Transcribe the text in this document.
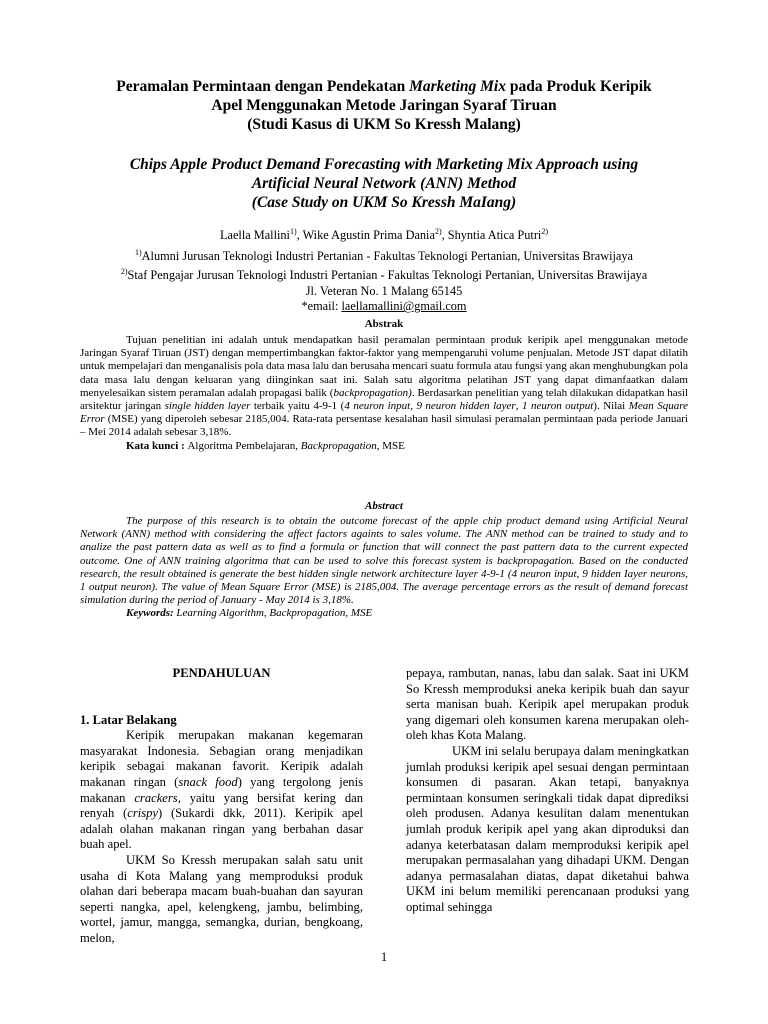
Peramalan Permintaan dengan Pendekatan Marketing Mix pada Produk Keripik
Apel Menggunakan Metode Jaringan Syaraf Tiruan
(Studi Kasus di UKM So Kressh Malang)
Chips Apple Product Demand Forecasting with Marketing Mix Approach using
Artificial Neural Network (ANN) Method
(Case Study on UKM So Kressh MaIang)
Laella Mallini$^{1)}$, Wike Agustin Prima Dania$^{2)}$, Shyntia Atica Putri$^{2)}$
$^{1)}$Alumni Jurusan Teknologi Industri Pertanian - Fakultas Teknologi Pertanian, Universitas Brawijaya
$^{2)}$Staf Pengajar Jurusan Teknologi Industri Pertanian - Fakultas Teknologi Pertanian, Universitas Brawijaya
Jl. Veteran No. 1 Malang 65145
*email: laellamallini@gmail.com
Abstrak

Tujuan penelitian ini adalah untuk mendapatkan hasil peramalan permintaan produk keripik apel menggunakan metode Jaringan Syaraf Tiruan (JST) dengan mempertimbangkan faktor-faktor yang mempengaruhi volume penjualan. Metode JST dapat dilatih untuk mempelajari dan menganalisis pola data masa lalu dan berusaha mencari suatu formula atau fungsi yang akan menghubungkan pola data masa lalu dengan keluaran yang diinginkan saat ini. Salah satu algoritma pelatihan JST yang dapat dimanfaatkan dalam menyelesaikan sistem peramalan adalah propagasi balik (backpropagation). Berdasarkan penelitian yang telah dilakukan didapatkan hasil arsitektur jaringan single hidden layer terbaik yaitu 4-9-1 (4 neuron input, 9 neuron hidden layer, 1 neuron output). Nilai Mean Square Error (MSE) yang diperoleh sebesar 2185,004. Rata-rata persentase kesalahan hasil simulasi peramalan permintaan pada periode Januari – Mei 2014 adalah sebesar 3,18%.

Kata kunci : Algoritma Pembelajaran, Backpropagation, MSE

Abstract

The purpose of this research is to obtain the outcome forecast of the apple chip product demand using Artificial Neural Network (ANN) method with considering the affect factors againts to sales volume. The ANN method can be trained to study and to analize the past pattern data as well as to find a formula or function that will connect the past pattern data to the current expected outcome. One of ANN training algoritma that can be used to solve this forecast system is backpropagation. Based on the conducted research, the result obtained is generate the best hidden single network architecture layer 4-9-1 (4 neuron input, 9 hidden Iayer neurons, 1 output neuron). The value of Mean Square Error (MSE) is 2185,004. The average percentage errors as the result of demand forecast simulation during the period of January - May 2014 is 3,18%.

Keywords: Learning Algorithm, Backpropagation, MSE

PENDAHULUAN

1. Latar Belakang

Keripik merupakan makanan kegemaran masyarakat Indonesia. Sebagian orang menjadikan keripik sebagai makanan favorit. Keripik adalah makanan ringan (snack food) yang tergolong jenis makanan crackers, yaitu yang bersifat kering dan renyah (crispy) (Sukardi dkk, 2011). Keripik apel adalah olahan makanan ringan yang berbahan dasar buah apel.

UKM So Kressh merupakan salah satu unit usaha di Kota Malang yang memproduksi produk olahan dari beberapa macam buah-buahan dan sayuran seperti nangka, apel, kelengkeng, jambu, belimbing, wortel, jamur, mangga, semangka, durian, bengkoang, melon,

pepaya, rambutan, nanas, labu dan salak. Saat ini UKM So Kressh memproduksi aneka keripik buah dan sayur serta manisan buah. Keripik apel merupakan produk yang digemari oleh konsumen karena merupakan oleh-oleh khas Kota Malang.

UKM ini selalu berupaya dalam meningkatkan jumlah produksi keripik apel sesuai dengan permintaan konsumen di pasaran. Akan tetapi, banyaknya permintaan konsumen seringkali tidak dapat diprediksi oleh produsen. Adanya kesulitan dalam menentukan jumlah produk keripik apel yang akan diproduksi dan adanya keterbatasan dalam memproduksi keripik apel merupakan permasalahan yang dihadapi UKM. Dengan adanya permasalahan diatas, dapat diketahui bahwa UKM ini belum memiliki perencanaan produksi yang optimal sehingga

1
